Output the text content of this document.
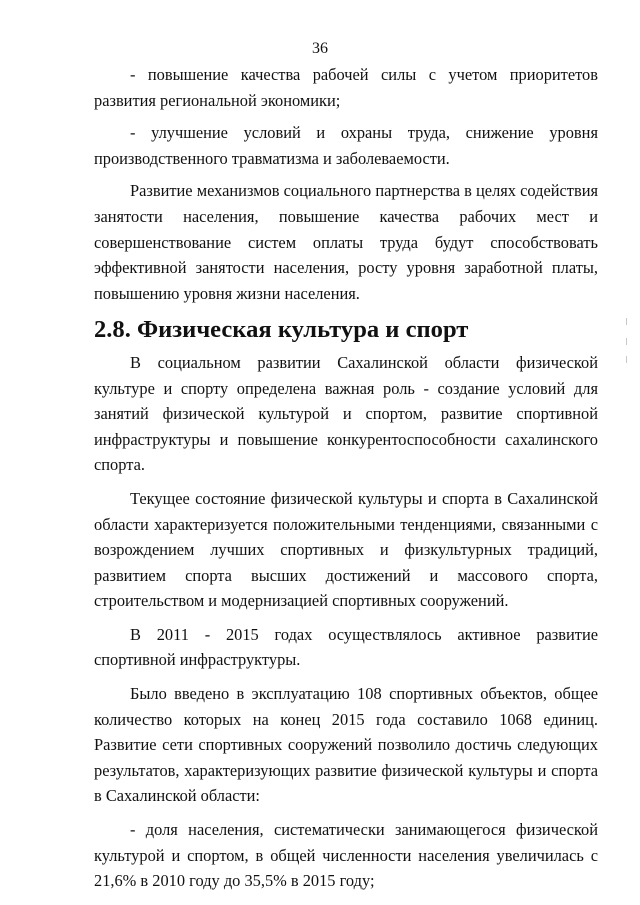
36

- повышение качества рабочей силы с учетом приоритетов развития региональной экономики;

- улучшение условий и охраны труда, снижение уровня производственного травматизма и заболеваемости.

Развитие механизмов социального партнерства в целях содействия занятости населения, повышение качества рабочих мест и совершенствование систем оплаты труда будут способствовать эффективной занятости населения, росту уровня заработной платы, повышению уровня жизни населения.

2.8. Физическая культура и спорт

В социальном развитии Сахалинской области физической культуре и спорту определена важная роль - создание условий для занятий физической культурой и спортом, развитие спортивной инфраструктуры и повышение конкурентоспособности сахалинского спорта.

Текущее состояние физической культуры и спорта в Сахалинской области характеризуется положительными тенденциями, связанными с возрождением лучших спортивных и физкультурных традиций, развитием спорта высших достижений и массового спорта, строительством и модернизацией спортивных сооружений.

В 2011 - 2015 годах осуществлялось активное развитие спортивной инфраструктуры.

Было введено в эксплуатацию 108 спортивных объектов, общее количество которых на конец 2015 года составило 1068 единиц. Развитие сети спортивных сооружений позволило достичь следующих результатов, характеризующих развитие физической культуры и спорта в Сахалинской области:

- доля населения, систематически занимающегося физической культурой и спортом, в общей численности населения увеличилась с 21,6% в 2010 году до 35,5% в 2015 году;
